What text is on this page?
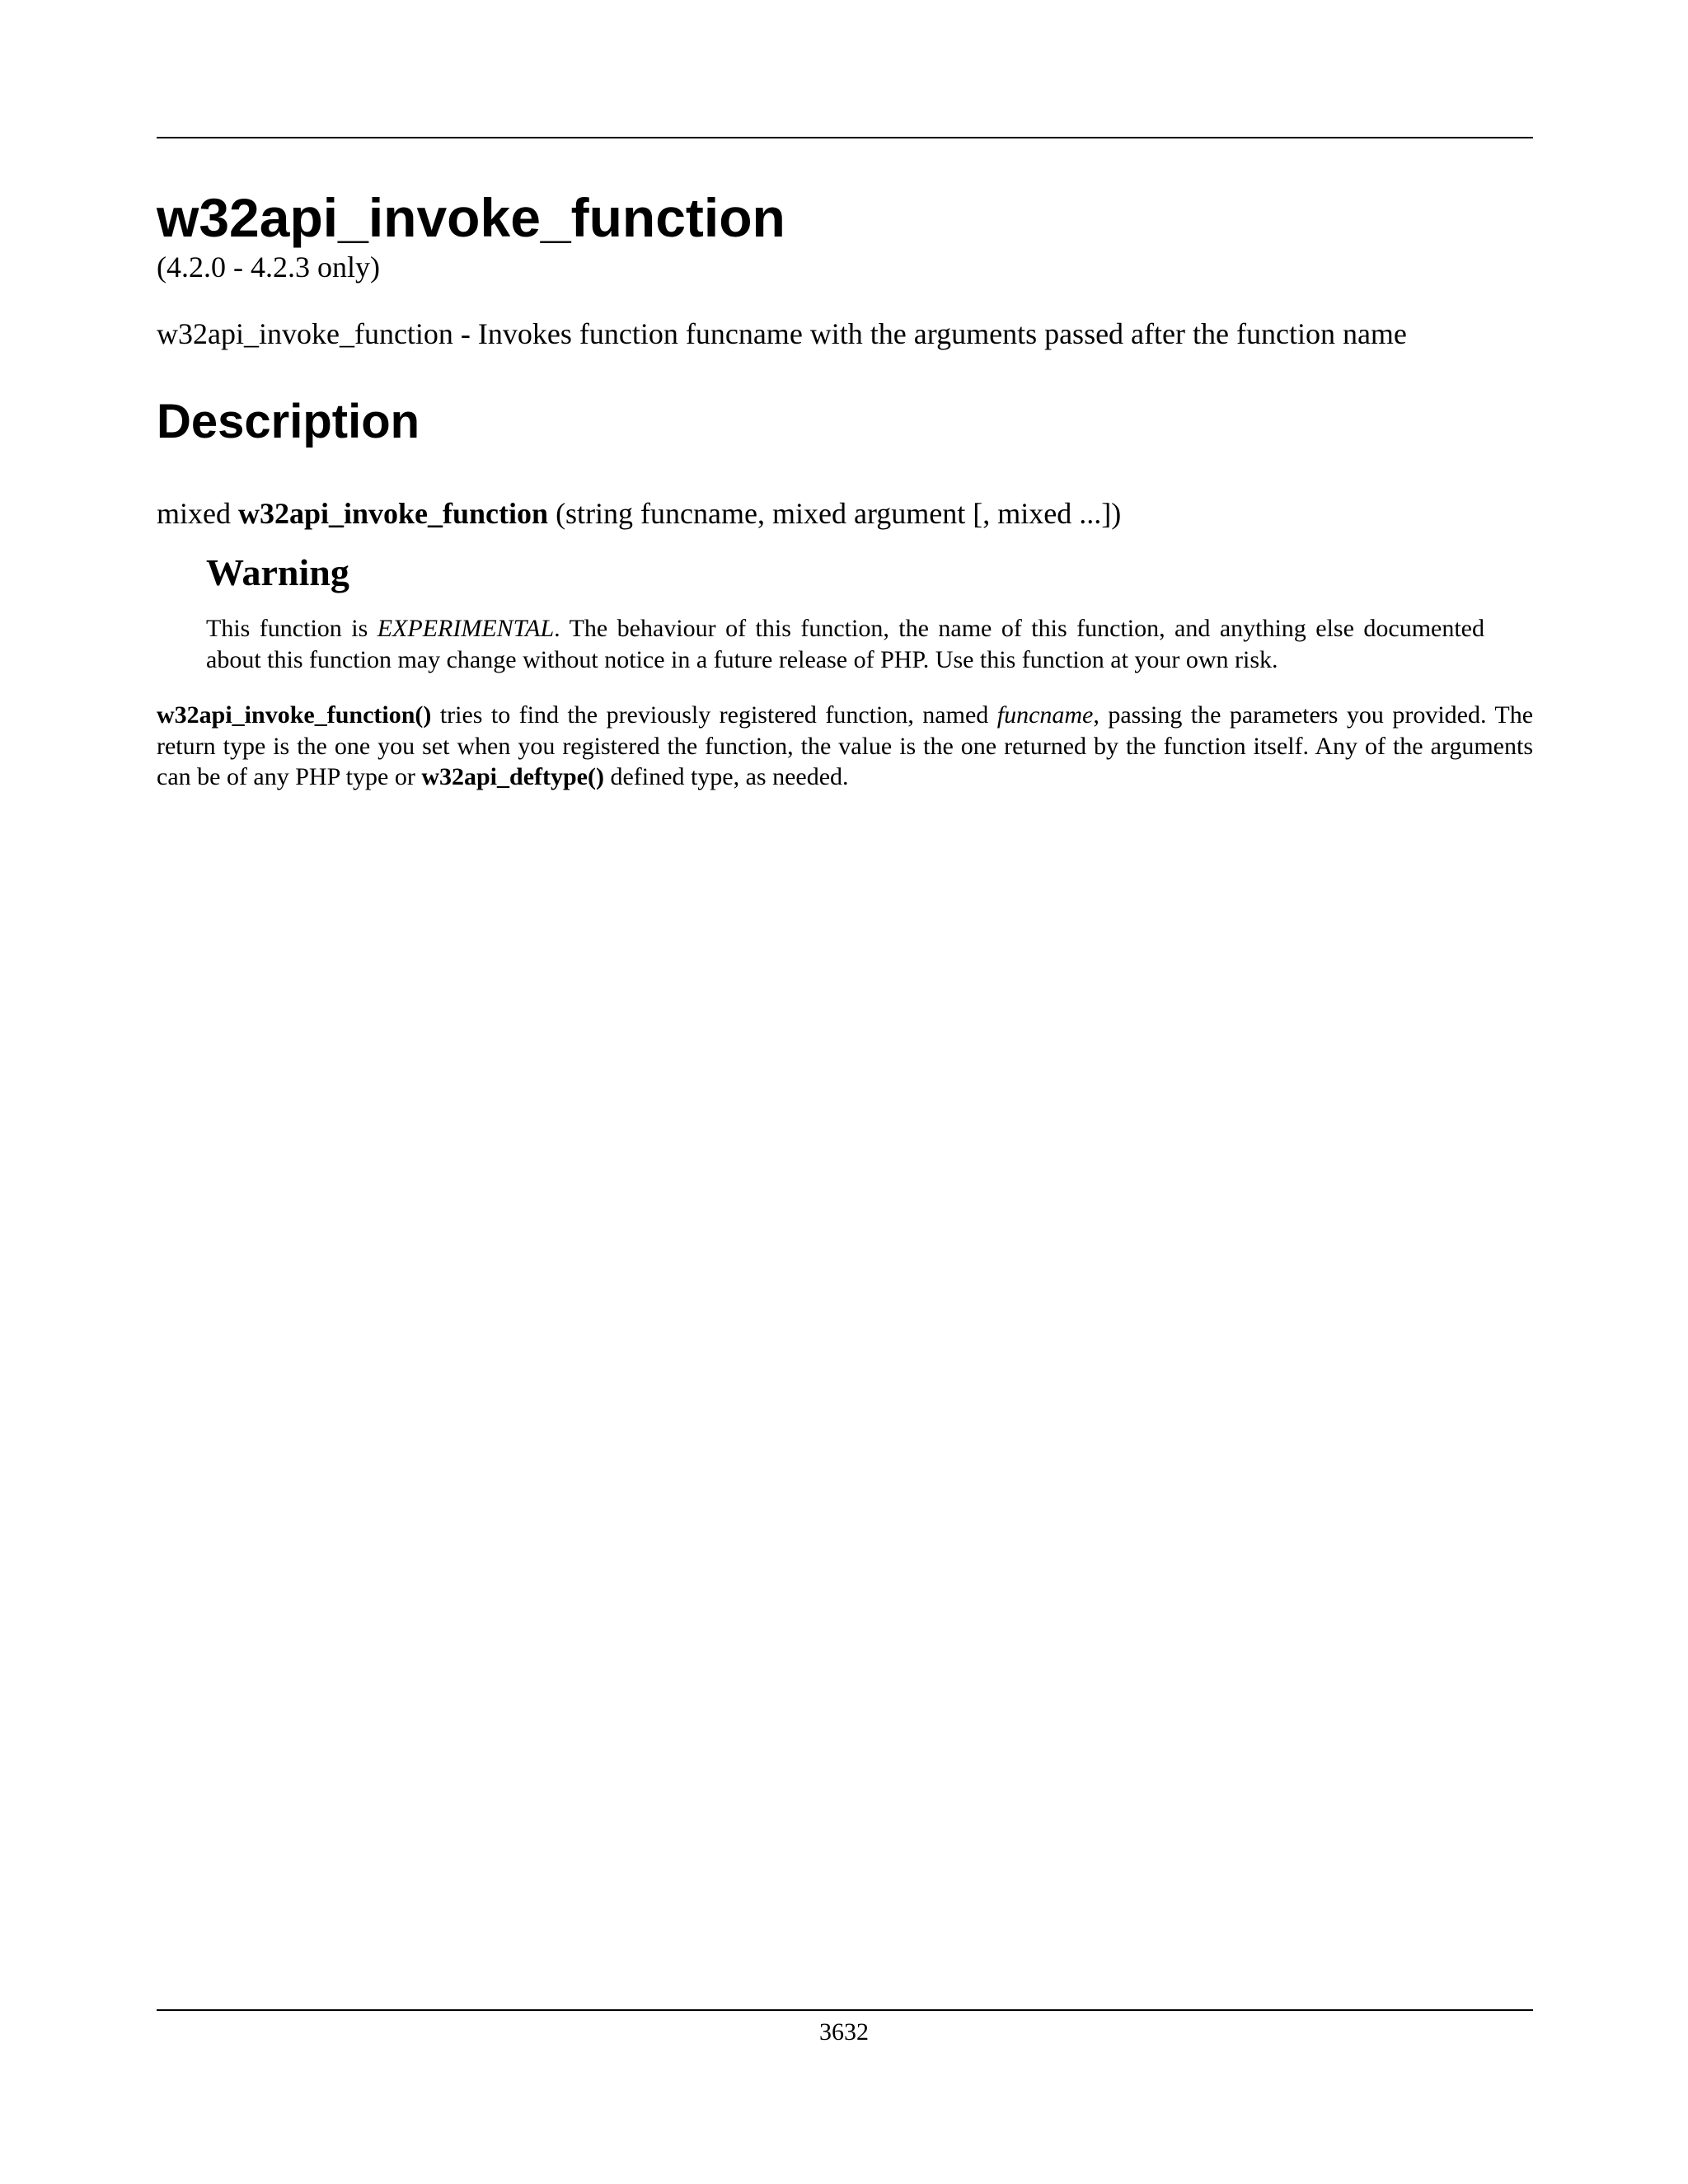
w32api_invoke_function
(4.2.0 - 4.2.3 only)

w32api_invoke_function - Invokes function funcname with the arguments passed after the function name

Description
mixed w32api_invoke_function (string funcname, mixed argument [, mixed ...])
Warning

This function is EXPERIMENTAL. The behaviour of this function, the name of this function, and anything else documented about this function may change without notice in a future release of PHP. Use this function at your own risk.

w32api_invoke_function() tries to find the previously registered function, named funcname, passing the parameters you provided. The return type is the one you set when you registered the function, the value is the one returned by the function itself. Any of the arguments can be of any PHP type or w32api_deftype() defined type, as needed.

3632
